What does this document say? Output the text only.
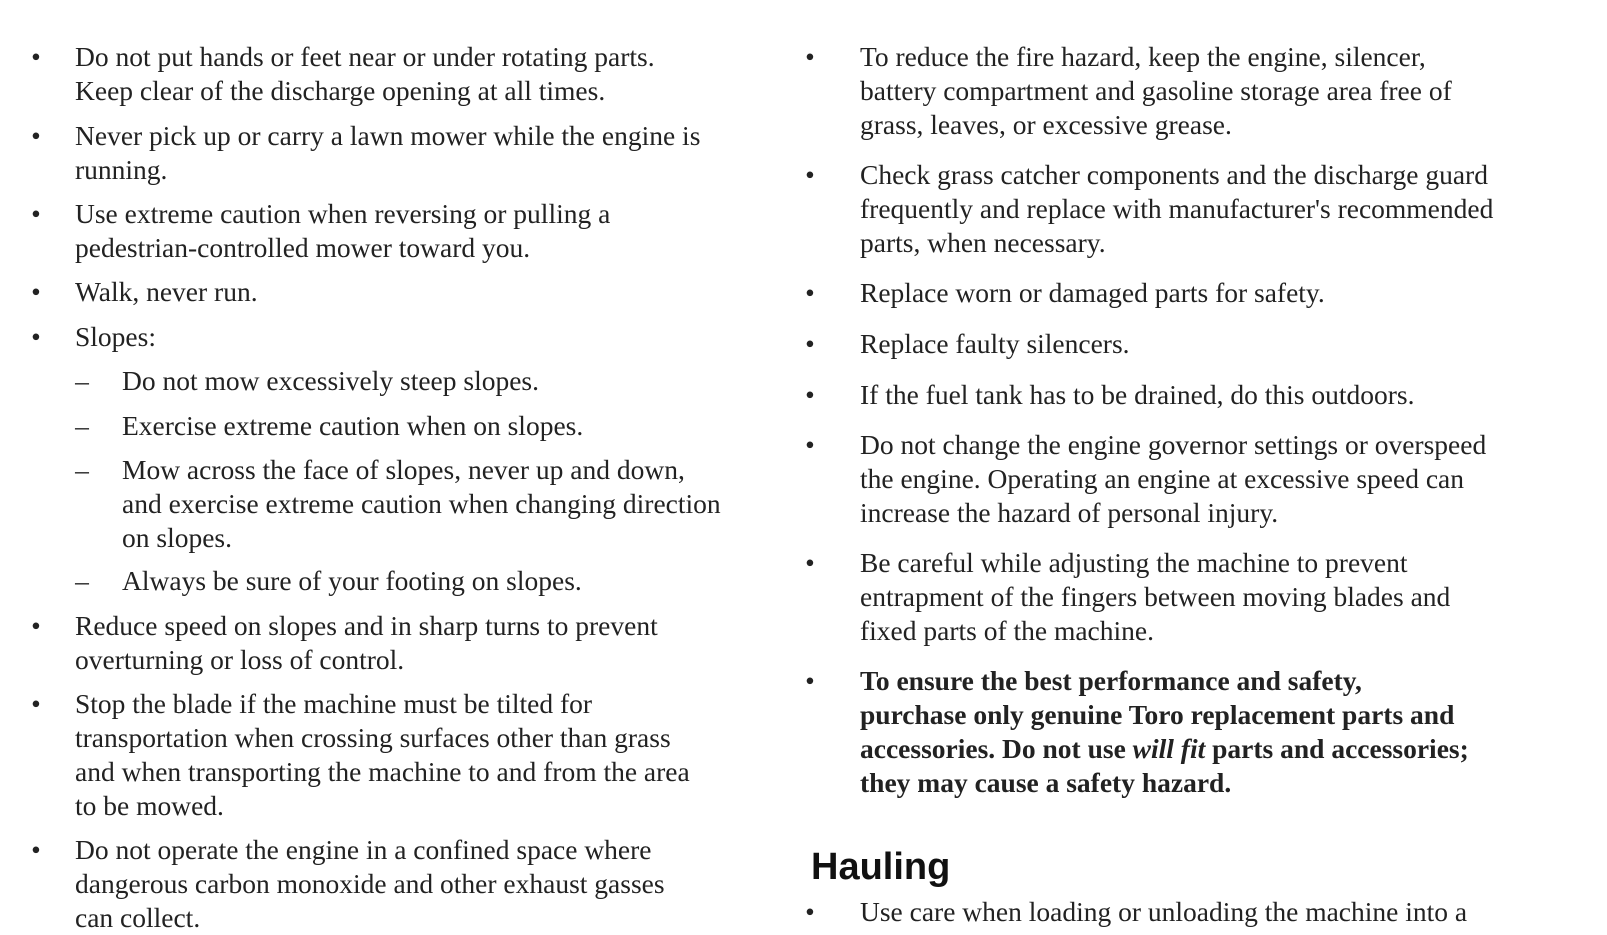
• Do not put hands or feet near or under rotating parts.
Keep clear of the discharge opening at all times.
• Never pick up or carry a lawn mower while the engine is
running.
• Use extreme caution when reversing or pulling a
pedestrian-controlled mower toward you.
• Walk, never run.
• Slopes:
– Do not mow excessively steep slopes.
– Exercise extreme caution when on slopes.
– Mow across the face of slopes, never up and down,
and exercise extreme caution when changing direction
on slopes.
– Always be sure of your footing on slopes.
• Reduce speed on slopes and in sharp turns to prevent
overturning or loss of control.
• Stop the blade if the machine must be tilted for
transportation when crossing surfaces other than grass
and when transporting the machine to and from the area
to be mowed.
• Do not operate the engine in a confined space where
dangerous carbon monoxide and other exhaust gasses
can collect.
• To reduce the fire hazard, keep the engine, silencer,
battery compartment and gasoline storage area free of
grass, leaves, or excessive grease.
• Check grass catcher components and the discharge guard
frequently and replace with manufacturer's recommended
parts, when necessary.
• Replace worn or damaged parts for safety.
• Replace faulty silencers.
• If the fuel tank has to be drained, do this outdoors.
• Do not change the engine governor settings or overspeed
the engine. Operating an engine at excessive speed can
increase the hazard of personal injury.
• Be careful while adjusting the machine to prevent
entrapment of the fingers between moving blades and
fixed parts of the machine.
• To ensure the best performance and safety,
purchase only genuine Toro replacement parts and
accessories. Do not use will fit parts and accessories;
they may cause a safety hazard.
• Use care when loading or unloading the machine into a
Hauling
